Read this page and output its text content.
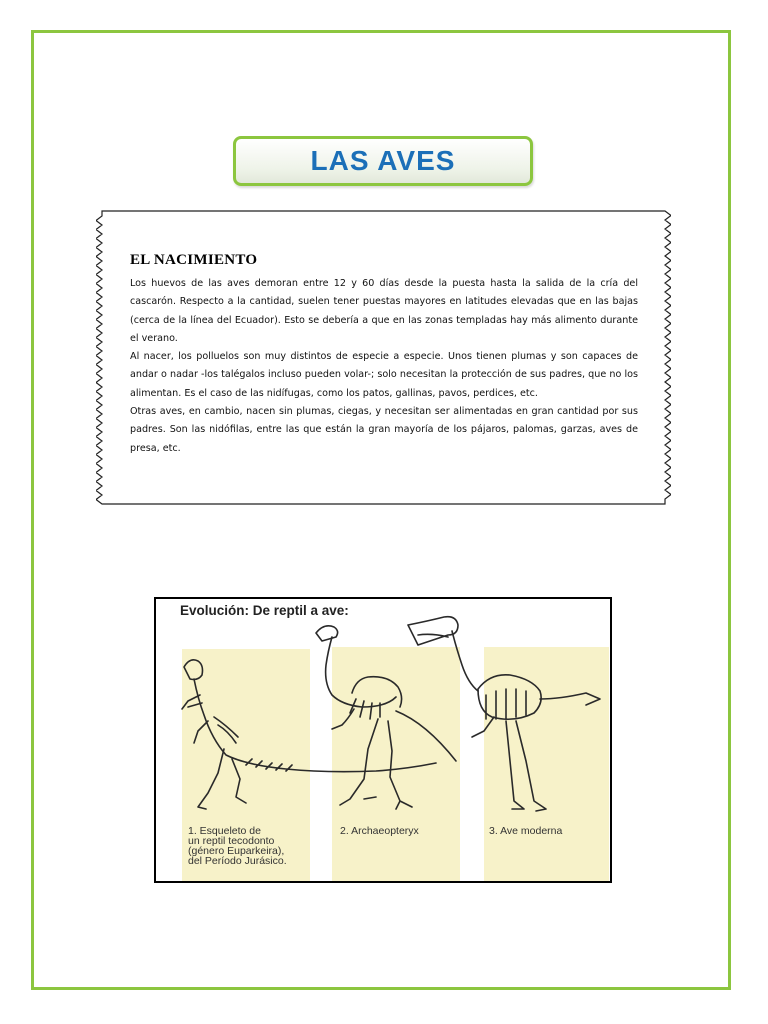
LAS AVES
EL NACIMIENTO

Los huevos de las aves demoran entre 12 y 60 días desde la puesta hasta la salida de la cría del cascarón. Respecto a la cantidad, suelen tener puestas mayores en latitudes elevadas que en las bajas (cerca de la línea del Ecuador). Esto se debería a que en las zonas templadas hay más alimento durante el verano.

Al nacer, los polluelos son muy distintos de especie a especie. Unos tienen plumas y son capaces de andar o nadar -los talégalos incluso pueden volar-; solo necesitan la protección de sus padres, que no los alimentan. Es el caso de las nidífugas, como los patos, gallinas, pavos, perdices, etc.

Otras aves, en cambio, nacen sin plumas, ciegas, y necesitan ser alimentadas en gran cantidad por sus padres. Son las nidófilas, entre las que están la gran mayoría de los pájaros, palomas, garzas, aves de presa, etc.

Evolución: De reptil a ave:
1. Esqueleto de
un reptil tecodonto
(género Euparkeira),
del Período Jurásico.
2. Archaeopteryx	3. Ave moderna
